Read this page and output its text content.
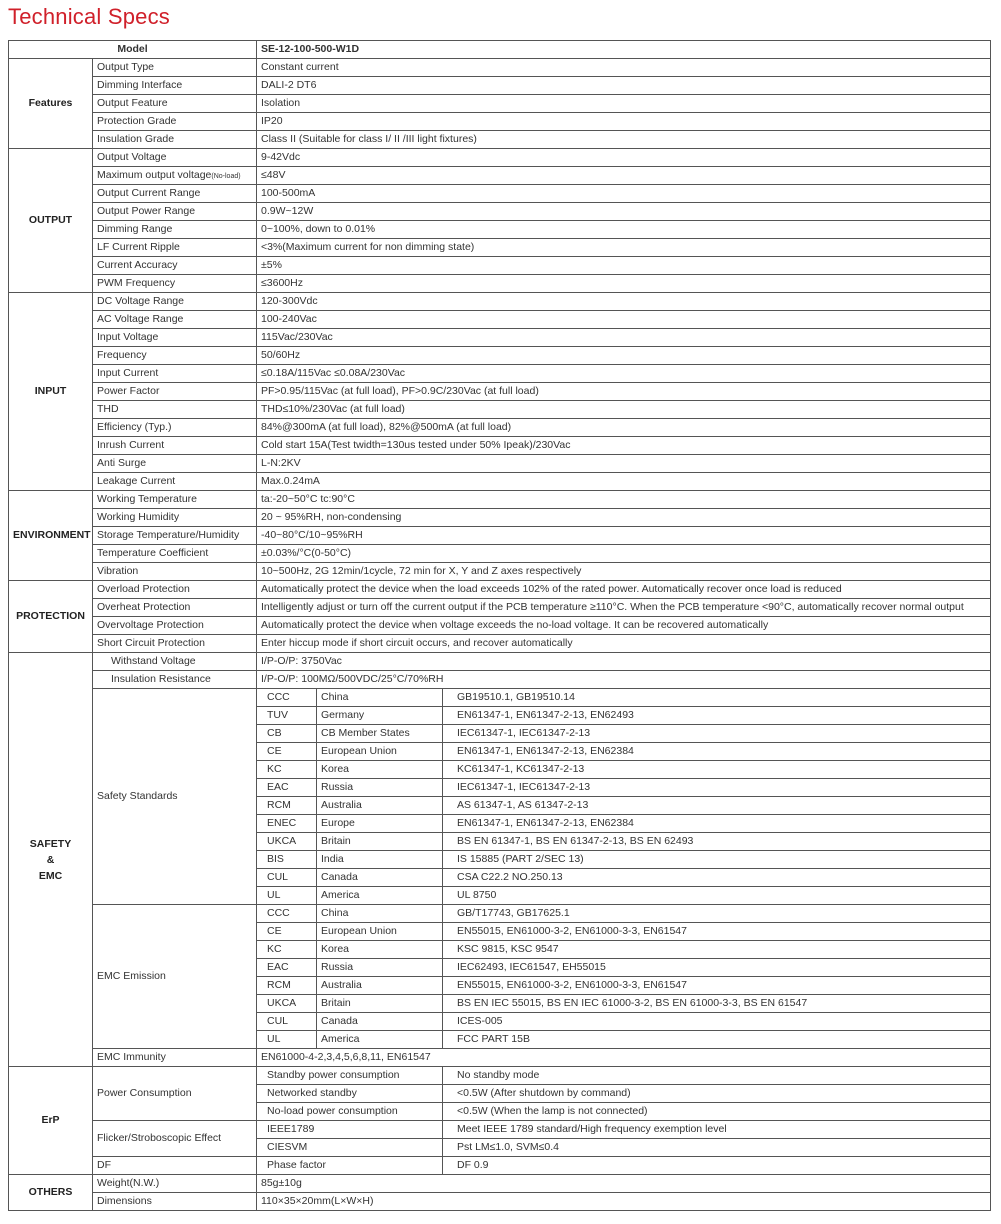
Technical Specs
Model		SE-12-100-500-W1D		
Features	Output Type	Constant current		
	Dimming Interface	DALI-2 DT6		
	Output Feature	Isolation		
	Protection Grade	IP20		
	Insulation Grade	Class II (Suitable for class I/ II /III light fixtures)		
OUTPUT	Output Voltage	9-42Vdc		
	Maximum output voltage(No-load)	≤48V		
	Output Current Range	100-500mA		
	Output Power Range	0.9W~12W		
	Dimming Range	0~100%, down to 0.01%		
	LF Current Ripple	<3%(Maximum current for non dimming state)		
	Current Accuracy	±5%		
	PWM Frequency	≤3600Hz		
INPUT	DC Voltage Range	120-300Vdc		
	AC Voltage Range	100-240Vac		
	Input Voltage	115Vac/230Vac		
	Frequency	50/60Hz		
	Input Current	≤0.18A/115Vac ≤0.08A/230Vac		
	Power Factor	PF>0.95/115Vac (at full load), PF>0.9C/230Vac (at full load)		
	THD	THD≤10%/230Vac (at full load)		
	Efficiency (Typ.)	84%@300mA (at full load), 82%@500mA (at full load)		
	Inrush Current	Cold start 15A(Test twidth=130us tested under 50% Ipeak)/230Vac		
	Anti Surge	L-N:2KV		
	Leakage Current	Max.0.24mA		
ENVIRONMENT	Working Temperature	ta:-20~50°C tc:90°C		
	Working Humidity	20 ~ 95%RH, non-condensing		
	Storage Temperature/Humidity	-40~80°C/10~95%RH		
	Temperature Coefficient	±0.03%/°C(0-50°C)		
	Vibration	10~500Hz, 2G 12min/1cycle, 72 min for X, Y and Z axes respectively		
PROTECTION	Overload Protection	Automatically protect the device when the load exceeds 102% of the rated power. Automatically recover once load is reduced		
	Overheat Protection	Intelligently adjust or turn off the current output if the PCB temperature ≥110°C. When the PCB temperature <90°C, automatically recover normal output		
	Overvoltage Protection	Automatically protect the device when voltage exceeds the no-load voltage. It can be recovered automatically		
	Short Circuit Protection	Enter hiccup mode if short circuit occurs, and recover automatically		

SAFETY
&
EMC	Withstand Voltage	I/P-O/P: 3750Vac		
	Insulation Resistance	I/P-O/P: 100MΩ/500VDC/25°C/70%RH		
	Safety Standards	CCC	China	GB19510.1, GB19510.14
		TUV	Germany	EN61347-1, EN61347-2-13, EN62493
		CB	CB Member States	IEC61347-1, IEC61347-2-13
		CE	European Union	EN61347-1, EN61347-2-13, EN62384
		KC	Korea	KC61347-1, KC61347-2-13
		EAC	Russia	IEC61347-1, IEC61347-2-13
		RCM	Australia	AS 61347-1, AS 61347-2-13
		ENEC	Europe	EN61347-1, EN61347-2-13, EN62384
		UKCA	Britain	BS EN 61347-1, BS EN 61347-2-13, BS EN 62493
		BIS	India	IS 15885 (PART 2/SEC 13)
		CUL	Canada	CSA C22.2 NO.250.13
		UL	America	UL 8750
	EMC Emission	CCC	China	GB/T17743, GB17625.1
		CE	European Union	EN55015, EN61000-3-2, EN61000-3-3, EN61547
		KC	Korea	KSC 9815, KSC 9547
		EAC	Russia	IEC62493, IEC61547, EH55015
		RCM	Australia	EN55015, EN61000-3-2, EN61000-3-3, EN61547
		UKCA	Britain	BS EN IEC 55015, BS EN IEC 61000-3-2, BS EN 61000-3-3, BS EN 61547
		CUL	Canada	ICES-005
		UL	America	FCC PART 15B
	EMC Immunity	EN61000-4-2,3,4,5,6,8,11, EN61547		
ErP	Power Consumption	Standby power consumption		No standby mode
		Networked standby		<0.5W (After shutdown by command)
		No-load power consumption		<0.5W (When the lamp is not connected)
	Flicker/Stroboscopic Effect	IEEE1789		Meet IEEE 1789 standard/High frequency exemption level
		CIESVM		Pst LM≤1.0, SVM≤0.4
	DF	Phase factor		DF 0.9
OTHERS	Weight(N.W.)	85g±10g		
	Dimensions	110×35×20mm(L×W×H)		
